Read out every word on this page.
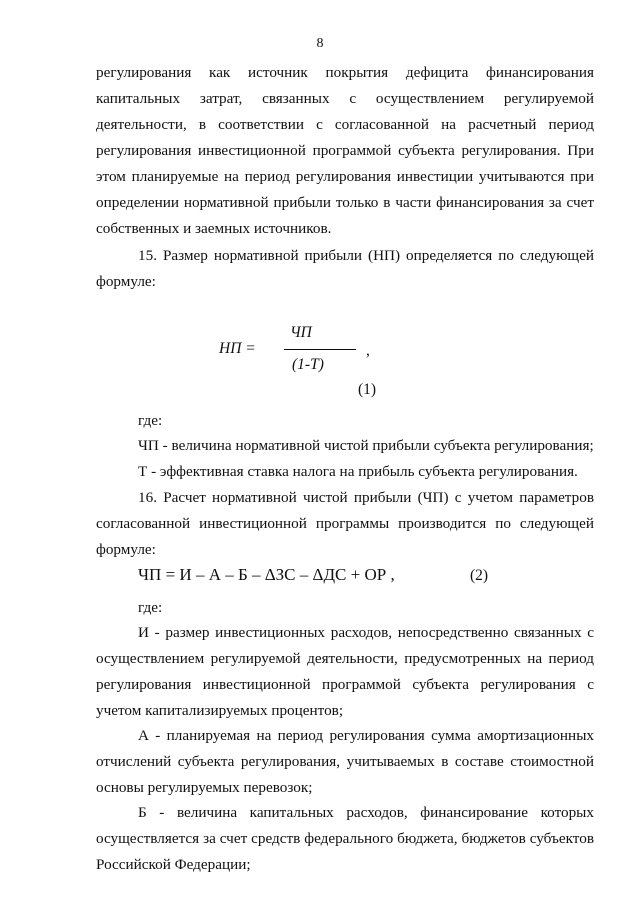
8
регулирования как источник покрытия дефицита финансирования
капитальных затрат, связанных с осуществлением регулируемой
деятельности, в соответствии с согласованной на расчетный период
регулирования инвестиционной программой субъекта регулирования. При
этом планируемые на период регулирования инвестиции учитываются при
определении нормативной прибыли только в части финансирования за счет
собственных и заемных источников.
15. Размер нормативной прибыли (НП) определяется по следующей
формуле:
НП =
ЧП
,
(1-Т)
(1)
где:
ЧП - величина нормативной чистой прибыли субъекта регулирования;
Т - эффективная ставка налога на прибыль субъекта регулирования.
16. Расчет нормативной чистой прибыли (ЧП) с учетом параметров
согласованной инвестиционной программы производится по следующей
формуле:
ЧП = И – А – Б – ΔЗС – ΔДС + ОР ,	(2)
где:
И - размер инвестиционных расходов, непосредственно связанных с
осуществлением регулируемой деятельности, предусмотренных на период
регулирования инвестиционной программой субъекта регулирования с
учетом капитализируемых процентов;
А - планируемая на период регулирования сумма амортизационных
отчислений субъекта регулирования, учитываемых в составе стоимостной
основы регулируемых перевозок;
Б - величина капитальных расходов, финансирование которых
осуществляется за счет средств федерального бюджета, бюджетов субъектов
Российской Федерации;
